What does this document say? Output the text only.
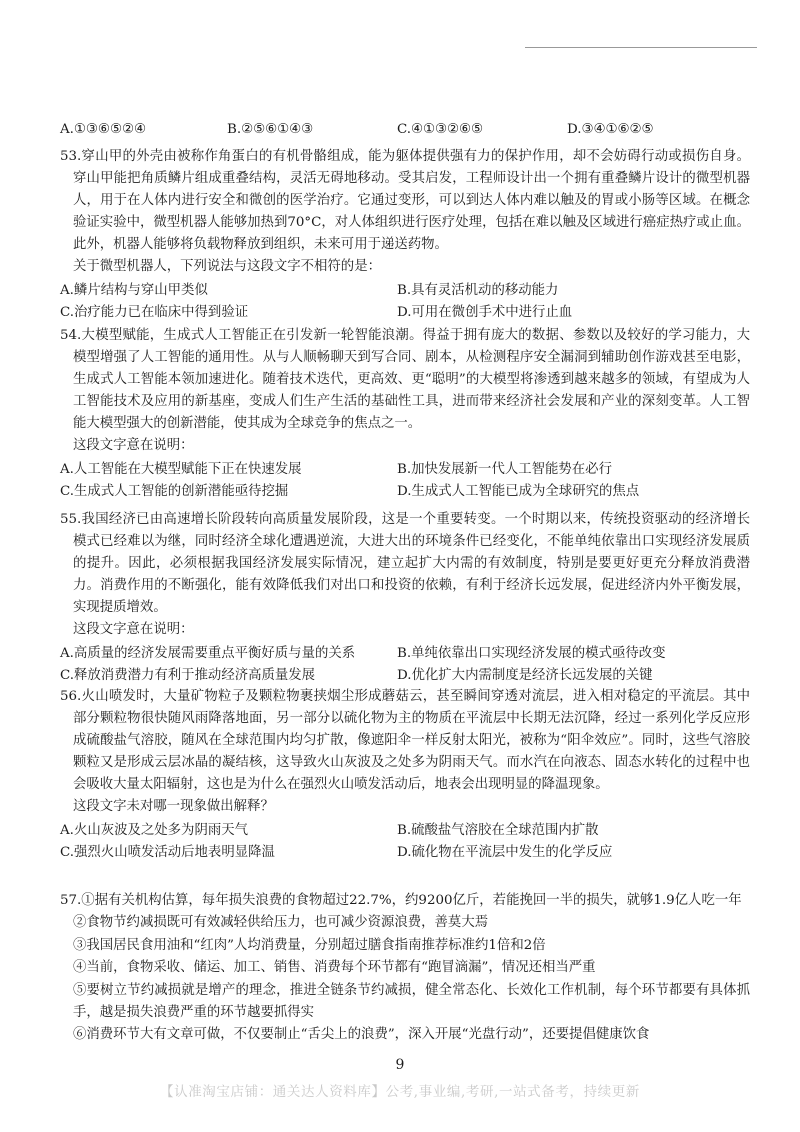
A.①③⑥⑤②④	B.②⑤⑥①④③	C.④①③②⑥⑤	D.③④①⑥②⑤

53.穿山甲的外壳由被称作角蛋白的有机骨骼组成，能为躯体提供强有力的保护作用，却不会妨碍行动或损伤自身。穿山甲能把角质鳞片组成重叠结构，灵活无碍地移动。受其启发，工程师设计出一个拥有重叠鳞片设计的微型机器人，用于在人体内进行安全和微创的医学治疗。它通过变形，可以到达人体内难以触及的胃或小肠等区域。在概念验证实验中，微型机器人能够加热到70°C，对人体组织进行医疗处理，包括在难以触及区域进行癌症热疗或止血。此外，机器人能够将负载物释放到组织，未来可用于递送药物。

关于微型机器人，下列说法与这段文字不相符的是：

A.鳞片结构与穿山甲类似	B.具有灵活机动的移动能力
C.治疗能力已在临床中得到验证	D.可用在微创手术中进行止血

54.大模型赋能，生成式人工智能正在引发新一轮智能浪潮。得益于拥有庞大的数据、参数以及较好的学习能力，大模型增强了人工智能的通用性。从与人顺畅聊天到写合同、剧本，从检测程序安全漏洞到辅助创作游戏甚至电影，生成式人工智能本领加速进化。随着技术迭代，更高效、更“聪明”的大模型将渗透到越来越多的领域，有望成为人工智能技术及应用的新基座，变成人们生产生活的基础性工具，进而带来经济社会发展和产业的深刻变革。人工智能大模型强大的创新潜能，使其成为全球竞争的焦点之一。

这段文字意在说明：

A.人工智能在大模型赋能下正在快速发展	B.加快发展新一代人工智能势在必行
C.生成式人工智能的创新潜能亟待挖掘	D.生成式人工智能已成为全球研究的焦点

55.我国经济已由高速增长阶段转向高质量发展阶段，这是一个重要转变。一个时期以来，传统投资驱动的经济增长模式已经难以为继，同时经济全球化遭遇逆流，大进大出的环境条件已经变化，不能单纯依靠出口实现经济发展质的提升。因此，必须根据我国经济发展实际情况，建立起扩大内需的有效制度，特别是要更好更充分释放消费潜力。消费作用的不断强化，能有效降低我们对出口和投资的依赖，有利于经济长远发展，促进经济内外平衡发展，实现提质增效。

这段文字意在说明：

A.高质量的经济发展需要重点平衡好质与量的关系	B.单纯依靠出口实现经济发展的模式亟待改变
C.释放消费潜力有利于推动经济高质量发展	D.优化扩大内需制度是经济长远发展的关键

56.火山喷发时，大量矿物粒子及颗粒物裹挟烟尘形成蘑菇云，甚至瞬间穿透对流层，进入相对稳定的平流层。其中部分颗粒物很快随风雨降落地面，另一部分以硫化物为主的物质在平流层中长期无法沉降，经过一系列化学反应形成硫酸盐气溶胶，随风在全球范围内均匀扩散，像遮阳伞一样反射太阳光，被称为“阳伞效应”。同时，这些气溶胶颗粒又是形成云层冰晶的凝结核，这导致火山灰波及之处多为阴雨天气。而水汽在向液态、固态水转化的过程中也会吸收大量太阳辐射，这也是为什么在强烈火山喷发活动后，地表会出现明显的降温现象。

这段文字未对哪一现象做出解释？

A.火山灰波及之处多为阴雨天气	B.硫酸盐气溶胶在全球范围内扩散
C.强烈火山喷发活动后地表明显降温	D.硫化物在平流层中发生的化学反应

57.①据有关机构估算，每年损失浪费的食物超过22.7%，约9200亿斤，若能挽回一半的损失，就够1.9亿人吃一年

②食物节约减损既可有效减轻供给压力，也可减少资源浪费，善莫大焉

③我国居民食用油和“红肉”人均消费量，分别超过膳食指南推荐标准约1倍和2倍

④当前，食物采收、储运、加工、销售、消费每个环节都有“跑冒滴漏”，情况还相当严重

⑤要树立节约减损就是增产的理念，推进全链条节约减损，健全常态化、长效化工作机制，每个环节都要有具体抓手，越是损失浪费严重的环节越要抓得实

⑥消费环节大有文章可做，不仅要制止“舌尖上的浪费”，深入开展“光盘行动”，还要提倡健康饮食

9
【认准淘宝店铺：通关达人资料库】公考,事业编,考研,一站式备考，持续更新
